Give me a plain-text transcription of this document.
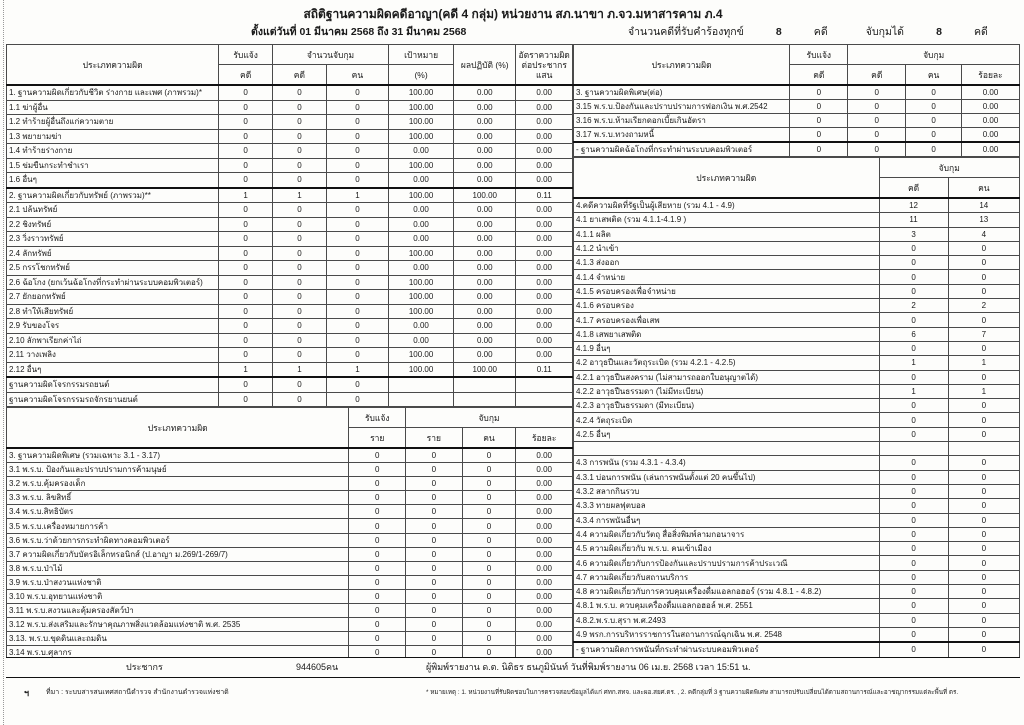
สถิติฐานความผิดคดีอาญา(คดี 4 กลุ่ม) หน่วยงาน สภ.นาขา ภ.จว.มหาสารคาม ภ.4
ตั้งแต่วันที่ 01 มีนาคม 2568 ถึง 31 มีนาคม 2568	จำนวนคดีที่รับคำร้องทุกข์	8	คดี	จับกุมได้	8	คดี
ประเภทความผิด	รับแจ้ง	จำนวนจับกุม		เป้าหมาย	ผลปฏิบัติ (%)	อัตราความผิดต่อประชากรแสน
	คดี	คดี	คน	(%)		
1. ฐานความผิดเกี่ยวกับชีวิต ร่างกาย และเพศ (ภาพรวม)*	0	0	0	100.00	0.00	0.00
1.1 ฆ่าผู้อื่น	0	0	0	100.00	0.00	0.00
1.2 ทำร้ายผู้อื่นถึงแก่ความตาย	0	0	0	100.00	0.00	0.00
1.3 พยายามฆ่า	0	0	0	100.00	0.00	0.00
1.4 ทำร้ายร่างกาย	0	0	0	0.00	0.00	0.00
1.5 ข่มขืนกระทำชำเรา	0	0	0	100.00	0.00	0.00
1.6 อื่นๆ	0	0	0	0.00	0.00	0.00
2. ฐานความผิดเกี่ยวกับทรัพย์ (ภาพรวม)**	1	1	1	100.00	100.00	0.11
2.1 ปล้นทรัพย์	0	0	0	0.00	0.00	0.00
2.2 ชิงทรัพย์	0	0	0	0.00	0.00	0.00
2.3 วิ่งราวทรัพย์	0	0	0	0.00	0.00	0.00
2.4 ลักทรัพย์	0	0	0	100.00	0.00	0.00
2.5 กรรโชกทรัพย์	0	0	0	0.00	0.00	0.00
2.6 ฉ้อโกง (ยกเว้นฉ้อโกงที่กระทำผ่านระบบคอมพิวเตอร์)	0	0	0	100.00	0.00	0.00
2.7 ยักยอกทรัพย์	0	0	0	100.00	0.00	0.00
2.8 ทำให้เสียทรัพย์	0	0	0	100.00	0.00	0.00
2.9 รับของโจร	0	0	0	0.00	0.00	0.00
2.10 ลักพาเรียกค่าไถ่	0	0	0	0.00	0.00	0.00
2.11 วางเพลิง	0	0	0	100.00	0.00	0.00
2.12 อื่นๆ	1	1	1	100.00	100.00	0.11
ฐานความผิดโจรกรรมรถยนต์	0	0	0			
ฐานความผิดโจรกรรมรถจักรยานยนต์	0	0	0			
ประเภทความผิด	รับแจ้ง	จับกุม		
	ราย	ราย	คน	ร้อยละ
3. ฐานความผิดพิเศษ (รวมเฉพาะ 3.1 - 3.17)	0	0	0	0.00
3.1 พ.ร.บ. ป้องกันและปราบปรามการค้ามนุษย์	0	0	0	0.00
3.2 พ.ร.บ.คุ้มครองเด็ก	0	0	0	0.00
3.3 พ.ร.บ. ลิขสิทธิ์	0	0	0	0.00
3.4 พ.ร.บ.สิทธิบัตร	0	0	0	0.00
3.5 พ.ร.บ.เครื่องหมายการค้า	0	0	0	0.00
3.6 พ.ร.บ.ว่าด้วยการกระทำผิดทางคอมพิวเตอร์	0	0	0	0.00
3.7 ความผิดเกี่ยวกับบัตรอิเล็กทรอนิกส์ (ป.อาญา ม.269/1-269/7)	0	0	0	0.00
3.8 พ.ร.บ.ป่าไม้	0	0	0	0.00
3.9 พ.ร.บ.ป่าสงวนแห่งชาติ	0	0	0	0.00
3.10 พ.ร.บ.อุทยานแห่งชาติ	0	0	0	0.00
3.11 พ.ร.บ.สงวนและคุ้มครองสัตว์ป่า	0	0	0	0.00
3.12 พ.ร.บ.ส่งเสริมและรักษาคุณภาพสิ่งแวดล้อมแห่งชาติ พ.ศ. 2535	0	0	0	0.00
3.13. พ.ร.บ.ขุดดินและถมดิน	0	0	0	0.00
3.14 พ.ร.บ.ศุลากร	0	0	0	0.00
ประเภทความผิด	รับแจ้ง	จับกุม		
	คดี	คดี	คน	ร้อยละ
3. ฐานความผิดพิเศษ(ต่อ)	0	0	0	0.00
3.15 พ.ร.บ.ป้องกันและปราบปรามการฟอกเงิน พ.ศ.2542	0	0	0	0.00
3.16 พ.ร.บ.ห้ามเรียกดอกเบี้ยเกินอัตรา	0	0	0	0.00
3.17 พ.ร.บ.ทวงถามหนี้	0	0	0	0.00
- ฐานความผิดฉ้อโกงที่กระทำผ่านระบบคอมพิวเตอร์	0	0	0	0.00
ประเภทความผิด	จับกุม	
	คดี	คน
4.คดีความผิดที่รัฐเป็นผู้เสียหาย (รวม 4.1 - 4.9)	12	14
4.1 ยาเสพติด (รวม 4.1.1-4.1.9 )	11	13
4.1.1 ผลิต	3	4
4.1.2 นำเข้า	0	0
4.1.3 ส่งออก	0	0
4.1.4 จำหน่าย	0	0
4.1.5 ครอบครองเพื่อจำหน่าย	0	0
4.1.6 ครอบครอง	2	2
4.1.7 ครอบครองเพื่อเสพ	0	0
4.1.8 เสพยาเสพติด	6	7
4.1.9 อื่นๆ	0	0
4.2 อาวุธปืนและวัตถุระเบิด (รวม 4.2.1 - 4.2.5)	1	1
4.2.1 อาวุธปืนสงคราม (ไม่สามารถออกใบอนุญาตได้)	0	0
4.2.2 อาวุธปืนธรรมดา (ไม่มีทะเบียน)	1	1
4.2.3 อาวุธปืนธรรมดา (มีทะเบียน)	0	0
4.2.4 วัตถุระเบิด	0	0
4.2.5 อื่นๆ	0	0

4.3 การพนัน (รวม 4.3.1 - 4.3.4)	0	0
4.3.1 บ่อนการพนัน (เล่นการพนันตั้งแต่ 20 คนขึ้นไป)	0	0
4.3.2 สลากกินรวบ	0	0
4.3.3 ทายผลฟุตบอล	0	0
4.3.4 การพนันอื่นๆ	0	0
4.4 ความผิดเกี่ยวกับวัตถุ สื่อสิ่งพิมพ์ลามกอนาจาร	0	0
4.5 ความผิดเกี่ยวกับ พ.ร.บ. คนเข้าเมือง	0	0
4.6 ความผิดเกี่ยวกับการป้องกันและปราบปรามการค้าประเวณี	0	0
4.7 ความผิดเกี่ยวกับสถานบริการ	0	0
4.8 ความผิดเกี่ยวกับการควบคุมเครื่องดื่มแอลกอฮอร์ (รวม 4.8.1 - 4.8.2)	0	0
4.8.1 พ.ร.บ. ควบคุมเครื่องดื่มแอลกอฮอล์ พ.ศ. 2551	0	0
4.8.2.พ.ร.บ.สุรา พ.ศ.2493	0	0
4.9 พรก.การบริหารราชการในสถานการณ์ฉุกเฉิน พ.ศ. 2548	0	0
- ฐานความผิดการพนันที่กระทำผ่านระบบคอมพิวเตอร์	0	0

ประชากร	944605คน	ผู้พิมพ์รายงาน ด.ต. นิติธร ธนภูมินันท์ วันที่พิมพ์รายงาน 06 เม.ย. 2568 เวลา 15:51 น.
ฯ ที่มา : ระบบสารสนเทศสถานีตำรวจ สำนักงานตำรวจแห่งชาติ	* หมายเหตุ : 1. หน่วยงานที่รับผิดชอบในการตรวจสอบข้อมูลได้แก่ ศทก.สทจ. และผอ.สยศ.ตร. , 2. คดีกลุ่มที่ 3 ฐานความผิดพิเศษ สามารถปรับเปลี่ยนได้ตามสถานการณ์และอาชญากรรมแต่ละพื้นที่ ตร.
